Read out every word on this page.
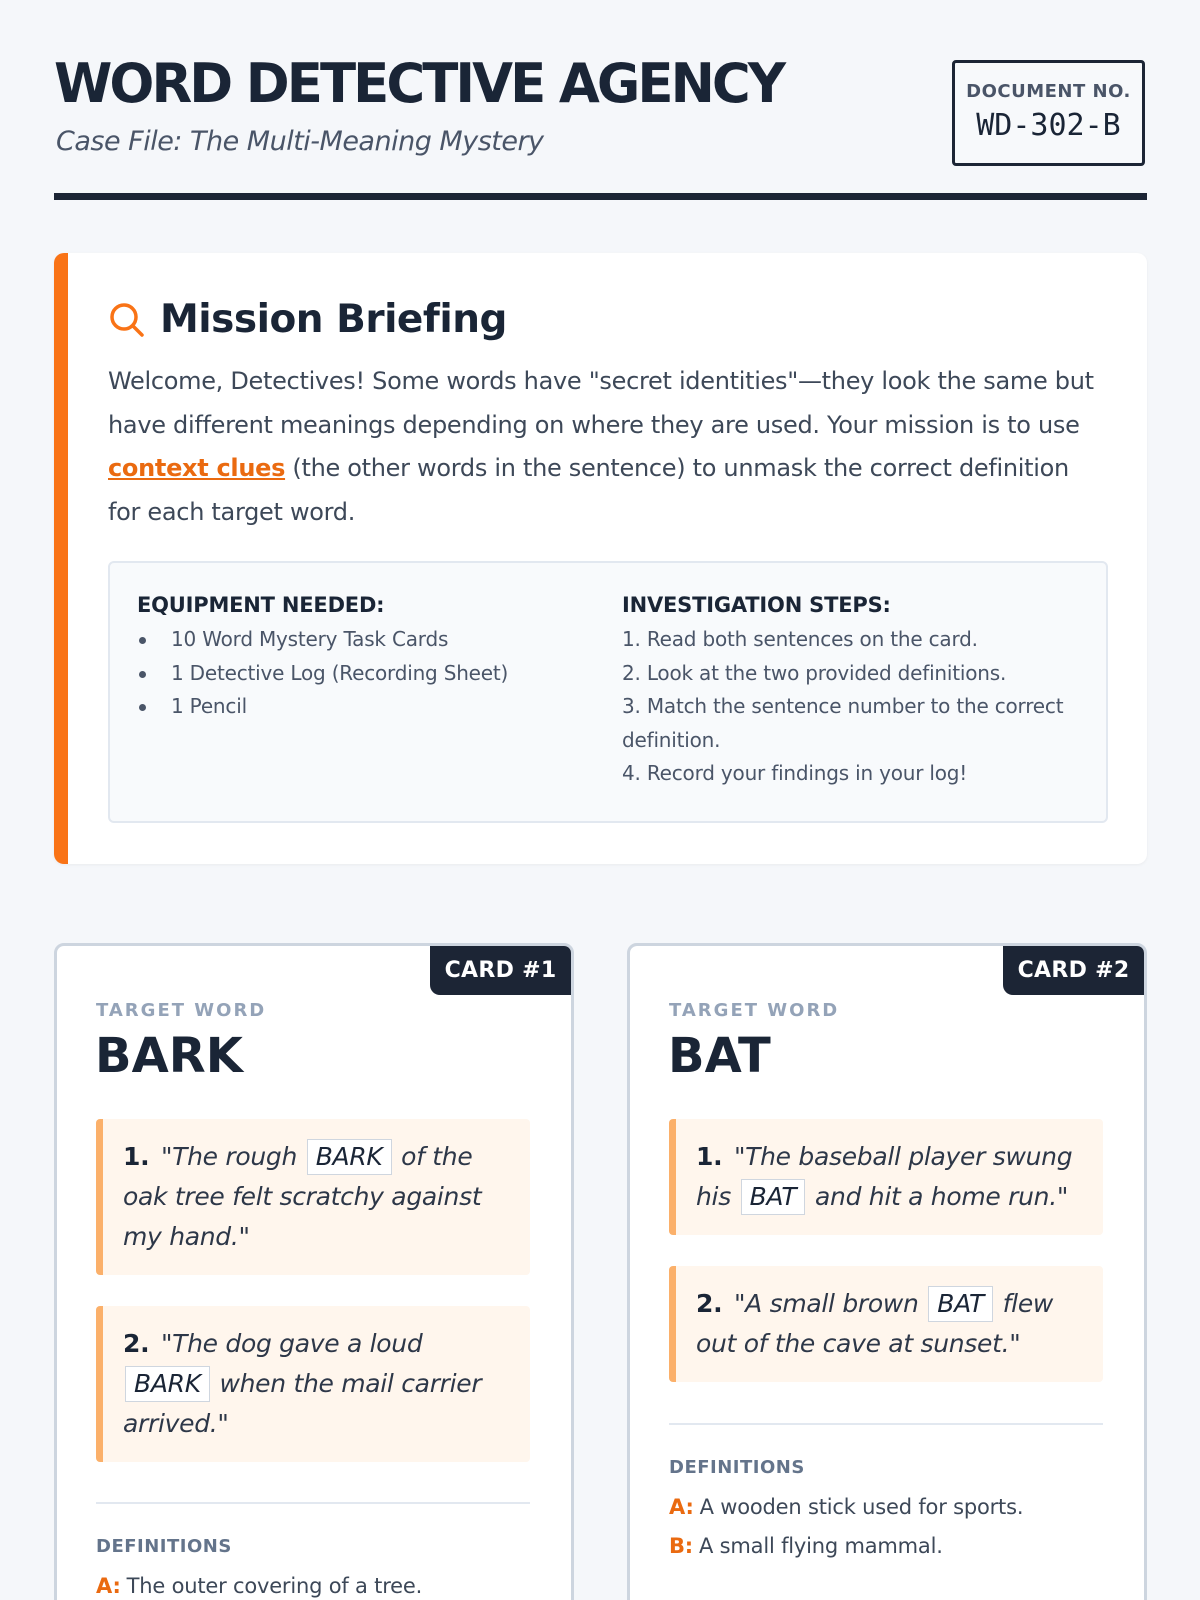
WORD DETECTIVE AGENCY
Case File: The Multi-Meaning Mystery
DOCUMENT NO.
WD-302-B
Mission Briefing

Welcome, Detectives! Some words have "secret identities"—they look the same but have different meanings depending on where they are used. Your mission is to use context clues (the other words in the sentence) to unmask the correct definition for each target word.

EQUIPMENT NEEDED:
10 Word Mystery Task Cards
1 Detective Log (Recording Sheet)
1 Pencil
INVESTIGATION STEPS:
1. Read both sentences on the card.
2. Look at the two provided definitions.
3. Match the sentence number to the correct definition.
4. Record your findings in your log!
CARD #1
TARGET WORD
BARK
1. "The rough BARK of the oak tree felt scratchy against my hand."
2. "The dog gave a loud BARK when the mail carrier arrived."
DEFINITIONS
A: The outer covering of a tree.
CARD #2
TARGET WORD
BAT
1. "The baseball player swung his BAT and hit a home run."
2. "A small brown BAT flew out of the cave at sunset."
DEFINITIONS
A: A wooden stick used for sports.
B: A small flying mammal.
